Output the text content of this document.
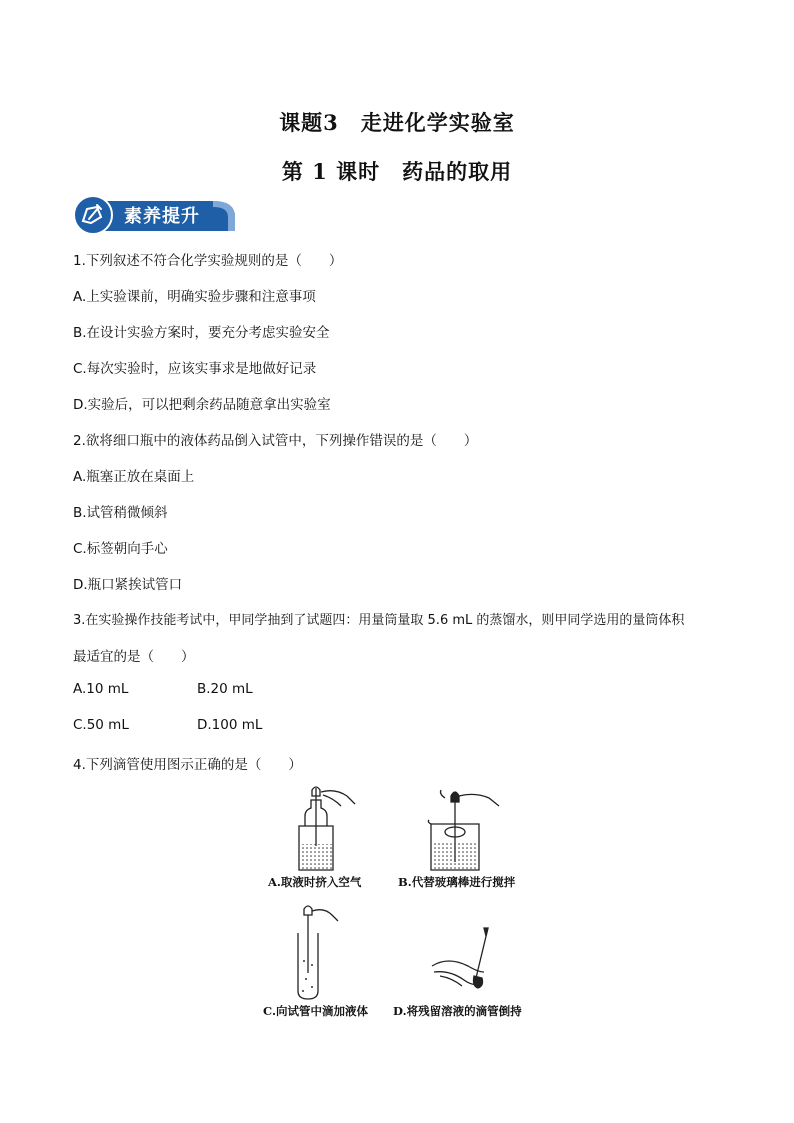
课题3　走进化学实验室
第 1 课时　药品的取用
素养提升
1.下列叙述不符合化学实验规则的是（　　）
A.上实验课前，明确实验步骤和注意事项
B.在设计实验方案时，要充分考虑实验安全
C.每次实验时，应该实事求是地做好记录
D.实验后，可以把剩余药品随意拿出实验室
2.欲将细口瓶中的液体药品倒入试管中，下列操作错误的是（　　）
A.瓶塞正放在桌面上
B.试管稍微倾斜
C.标签朝向手心
D.瓶口紧挨试管口
3.在实验操作技能考试中，甲同学抽到了试题四：用量筒量取 5.6 mL 的蒸馏水，则甲同学选用的量筒体积
最适宜的是（　　）
A.10 mL	B.20 mL
C.50 mL	D.100 mL
4.下列滴管使用图示正确的是（　　）
A.取液时挤入空气	B.代替玻璃棒进行搅拌
C.向试管中滴加液体 D.将残留溶液的滴管倒持
